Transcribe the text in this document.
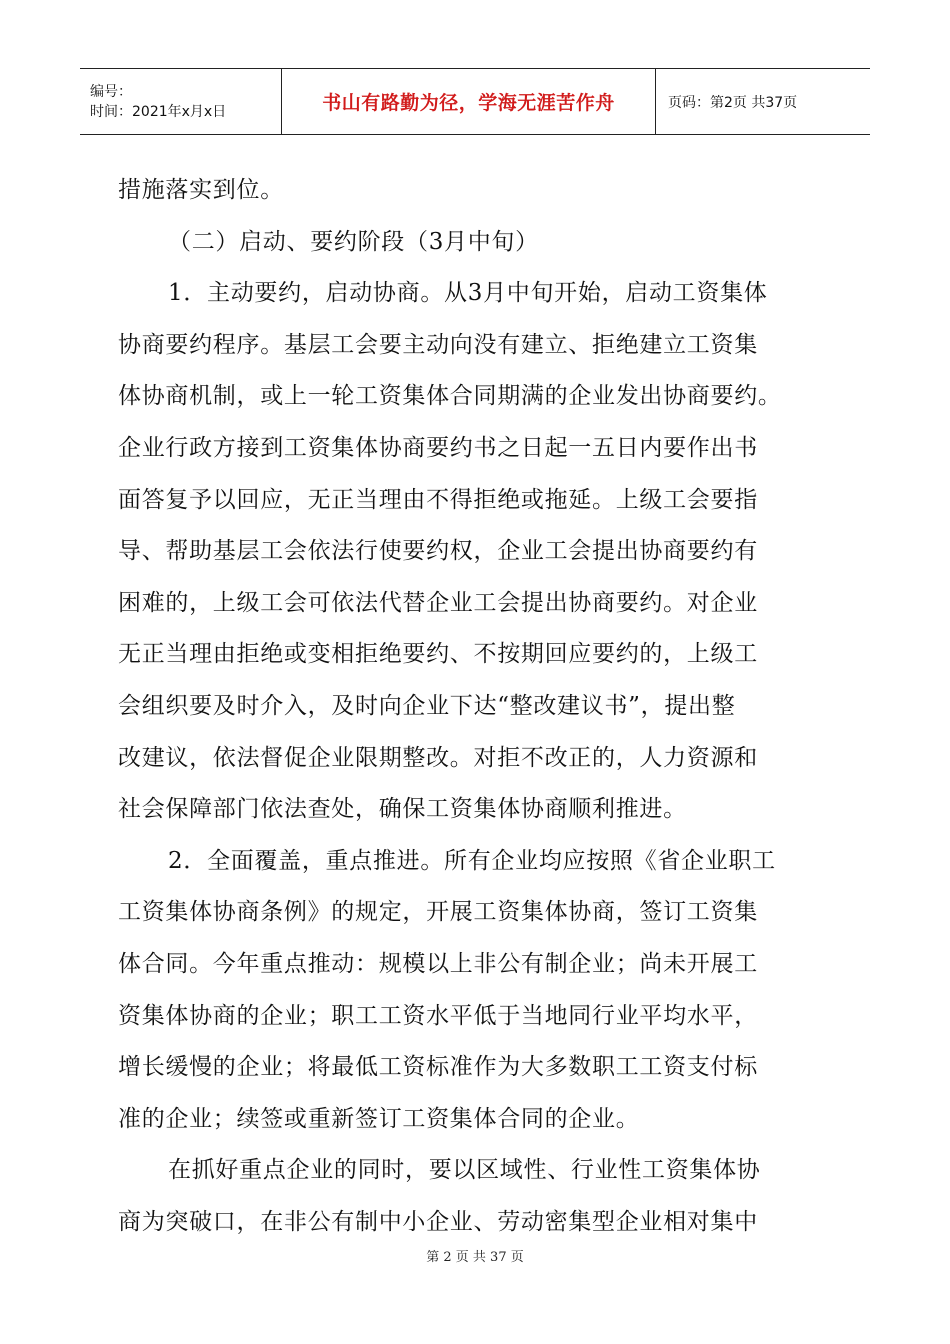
编号：
时间：2021年x月x日	书山有路勤为径，学海无涯苦作舟	页码：第2页 共37页
措施落实到位。
（二）启动、要约阶段（3月中旬）
1．主动要约，启动协商。从3月中旬开始，启动工资集体
协商要约程序。基层工会要主动向没有建立、拒绝建立工资集
体协商机制，或上一轮工资集体合同期满的企业发出协商要约。
企业行政方接到工资集体协商要约书之日起一五日内要作出书
面答复予以回应，无正当理由不得拒绝或拖延。上级工会要指
导、帮助基层工会依法行使要约权，企业工会提出协商要约有
困难的，上级工会可依法代替企业工会提出协商要约。对企业
无正当理由拒绝或变相拒绝要约、不按期回应要约的，上级工
会组织要及时介入，及时向企业下达“整改建议书”，提出整
改建议，依法督促企业限期整改。对拒不改正的，人力资源和
社会保障部门依法查处，确保工资集体协商顺利推进。
2．全面覆盖，重点推进。所有企业均应按照《省企业职工
工资集体协商条例》的规定，开展工资集体协商，签订工资集
体合同。今年重点推动：规模以上非公有制企业；尚未开展工
资集体协商的企业；职工工资水平低于当地同行业平均水平，
增长缓慢的企业；将最低工资标准作为大多数职工工资支付标
准的企业；续签或重新签订工资集体合同的企业。
在抓好重点企业的同时，要以区域性、行业性工资集体协
商为突破口，在非公有制中小企业、劳动密集型企业相对集中
第 2 页 共 37 页
